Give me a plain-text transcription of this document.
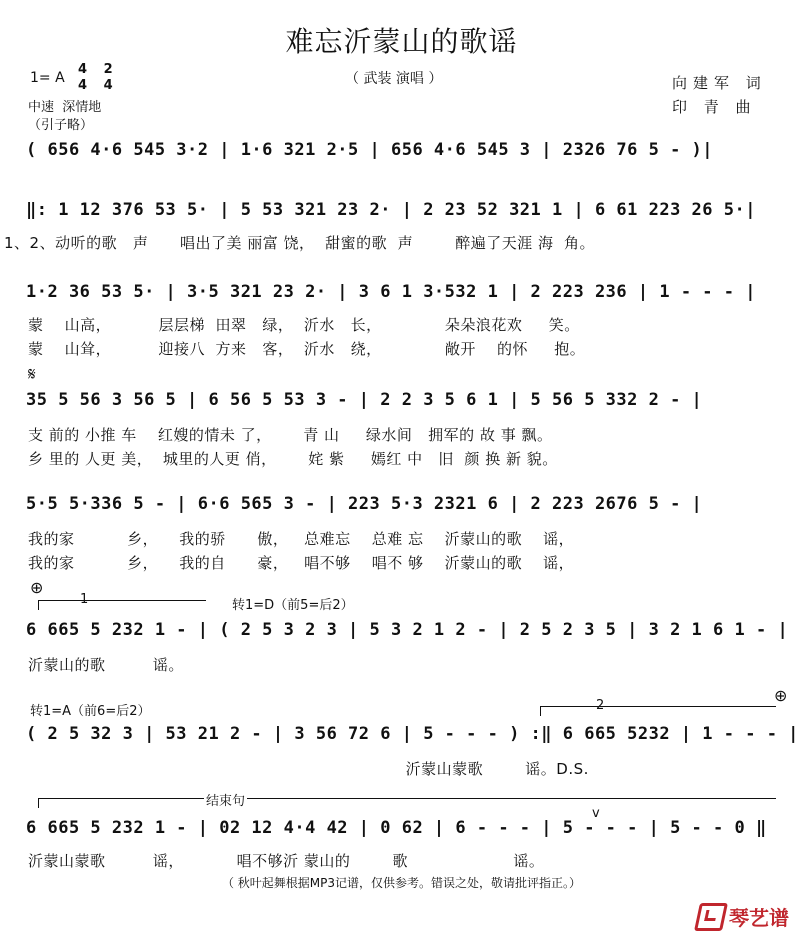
难忘沂蒙山的歌谣
1= A
4 2
4 4	（ 武装 演唱 ）
中速  深情地
（引子略）
向建军 词
印 青 曲
( 656 4·6 545 3·2 | 1·6 321 2·5 | 656 4·6 545 3 | 2326 76 5 - )|
‖: 1 12 376 53 5· | 5 53 321 23 2· | 2 23 52 321 1 | 6 61 223 26 5·|
1、2、动听的歌   声      唱出了美 丽富 饶，  甜蜜的歌  声        醉遍了天涯 海  角。
1·2 36 53 5· | 3·5 321 23 2· | 3 6 1 3·532 1 | 2 223 236 | 1 - - - |
蒙    山高，         层层梯  田翠   绿，  沂水   长，            朵朵浪花欢     笑。
蒙    山耸，         迎接八  方来   客，  沂水   绕，            敞开    的怀     抱。
𝄋
35 5 56 3 56 5 | 6 56 5 53 3 - | 2 2 3 5 6 1 | 5 56 5 332 2 - |
支 前的 小推 车    红嫂的情未 了，      青 山     绿水间   拥军的 故 事 飘。
乡 里的 人更 美，  城里的人更 俏，      姹 紫     嫣红 中   旧  颜 换 新 貌。
5·5 5·336 5 - | 6·6 565 3 - | 223 5·3 2321 6 | 2 223 2676 5 - |
我的家          乡，    我的骄      傲，   总难忘    总难 忘    沂蒙山的歌    谣，
我的家          乡，    我的自      豪，   唱不够    唱不 够    沂蒙山的歌    谣，
⊕
1	转1=D（前5=后2）
6 665 5 232 1 - | ( 2 5 3 2 3 | 5 3 2 1 2 - | 2 5 2 3 5 | 3 2 1 6 1 - |
沂蒙山的歌         谣。
转1=A（前6=后2）	2
⊕
( 2 5 32 3 | 53 21 2 - | 3 56 72 6 | 5 - - - ) :‖ 6 665 5232 | 1 - - - |
沂蒙山蒙歌        谣。D.S.
结束句
v
6 665 5 232 1 - | 02 12 4·4 42 | 0 62 | 6 - - - | 5 - - - | 5 - - 0 ‖
沂蒙山蒙歌         谣，          唱不够沂 蒙山的        歌                    谣。
（ 秋叶起舞根据MP3记谱，仅供参考。错误之处，敬请批评指正。）
琴艺谱
